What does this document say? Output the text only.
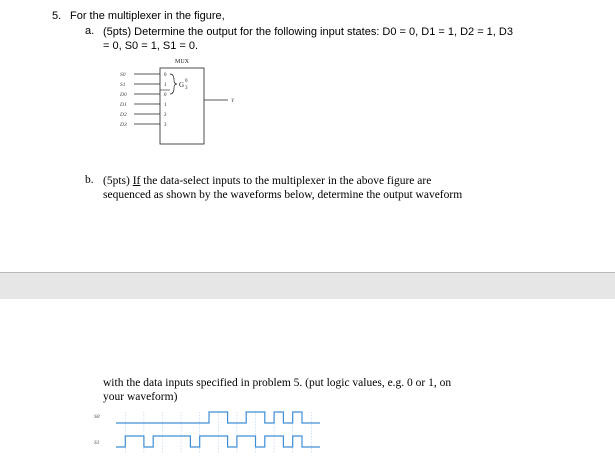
5. For the multiplexer in the figure,
a. (5pts) Determine the output for the following input states: D0 = 0, D1 = 1, D2 = 1, D3
= 0, S0 = 1, S1 = 0.
MUX
G 0
3
S0	0
S1	1
D0	0
D1	1
D2	2
D3	3
Y
b. (5pts) If the data-select inputs to the multiplexer in the above figure are
sequenced as shown by the waveforms below, determine the output waveform
with the data inputs specified in problem 5. (put logic values, e.g. 0 or 1, on
your waveform)
S0
S1
